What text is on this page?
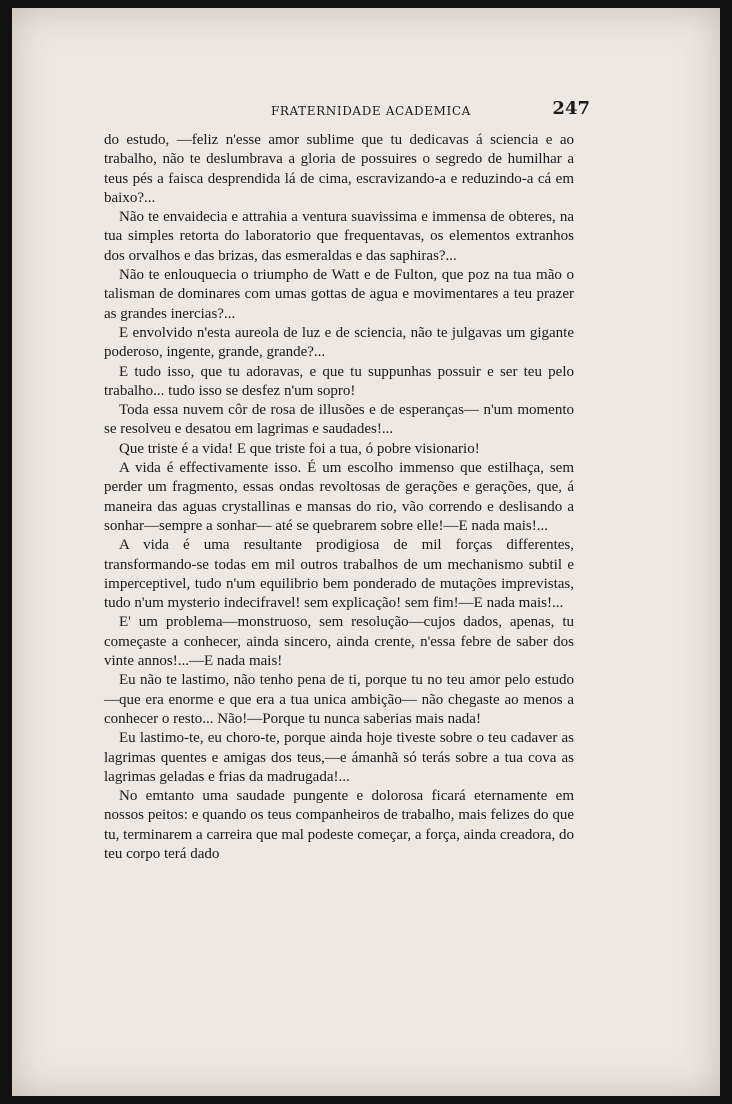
FRATERNIDADE ACADEMICA	247

do estudo, —feliz n'esse amor sublime que tu dedicavas á sciencia e ao trabalho, não te deslumbrava a gloria de possuires o segredo de humilhar a teus pés a faisca desprendida lá de cima, escravizando-a e reduzindo-a cá em baixo?...

Não te envaidecia e attrahia a ventura suavissima e immensa de obteres, na tua simples retorta do laboratorio que frequentavas, os elementos extranhos dos orvalhos e das brizas, das esmeraldas e das saphiras?...

Não te enlouquecia o triumpho de Watt e de Fulton, que poz na tua mão o talisman de dominares com umas gottas de agua e movimentares a teu prazer as grandes inercias?...

E envolvido n'esta aureola de luz e de sciencia, não te julgavas um gigante poderoso, ingente, grande, grande?...

E tudo isso, que tu adoravas, e que tu suppunhas possuir e ser teu pelo trabalho... tudo isso se desfez n'um sopro!

Toda essa nuvem côr de rosa de illusões e de esperanças— n'um momento se resolveu e desatou em lagrimas e saudades!...

Que triste é a vida! E que triste foi a tua, ó pobre visionario!

A vida é effectivamente isso. É um escolho immenso que estilhaça, sem perder um fragmento, essas ondas revoltosas de gerações e gerações, que, á maneira das aguas crystallinas e mansas do rio, vão correndo e deslisando a sonhar—sempre a sonhar— até se quebrarem sobre elle!—E nada mais!...

A vida é uma resultante prodigiosa de mil forças differentes, transformando-se todas em mil outros trabalhos de um mechanismo subtil e imperceptivel, tudo n'um equilibrio bem ponderado de mutações imprevistas, tudo n'um mysterio indecifravel! sem explicação! sem fim!—E nada mais!...

E' um problema—monstruoso, sem resolução—cujos dados, apenas, tu começaste a conhecer, ainda sincero, ainda crente, n'essa febre de saber dos vinte annos!...—E nada mais!

Eu não te lastimo, não tenho pena de ti, porque tu no teu amor pelo estudo—que era enorme e que era a tua unica ambição— não chegaste ao menos a conhecer o resto... Não!—Porque tu nunca saberias mais nada!

Eu lastimo-te, eu choro-te, porque ainda hoje tiveste sobre o teu cadaver as lagrimas quentes e amigas dos teus,—e ámanhã só terás sobre a tua cova as lagrimas geladas e frias da madrugada!...

No emtanto uma saudade pungente e dolorosa ficará eternamente em nossos peitos: e quando os teus companheiros de trabalho, mais felizes do que tu, terminarem a carreira que mal podeste começar, a força, ainda creadora, do teu corpo terá dado
